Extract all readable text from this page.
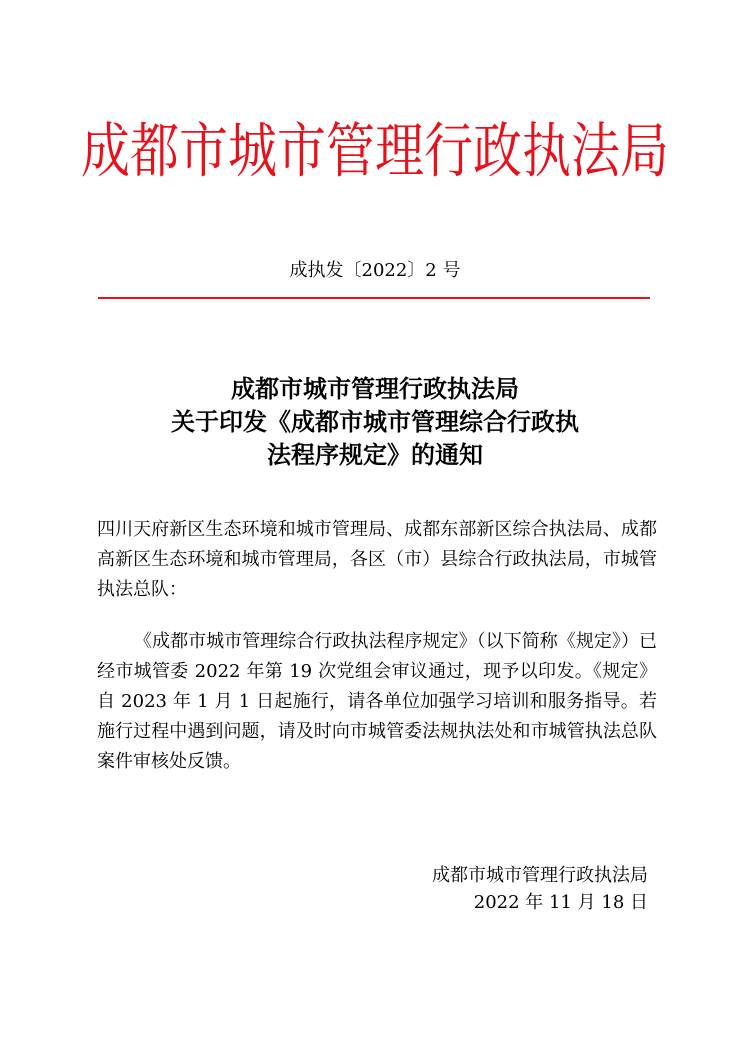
成都市城市管理行政执法局
成执发〔2022〕2 号
成都市城市管理行政执法局
关于印发《成都市城市管理综合行政执
法程序规定》的通知
四川天府新区生态环境和城市管理局、成都东部新区综合执法局、成都高新区生态环境和城市管理局，各区（市）县综合行政执法局，市城管执法总队：
《成都市城市管理综合行政执法程序规定》（以下简称《规定》）已经市城管委 2022 年第 19 次党组会审议通过，现予以印发。《规定》自 2023 年 1 月 1 日起施行，请各单位加强学习培训和服务指导。若施行过程中遇到问题，请及时向市城管委法规执法处和市城管执法总队案件审核处反馈。
成都市城市管理行政执法局
2022 年 11 月 18 日
